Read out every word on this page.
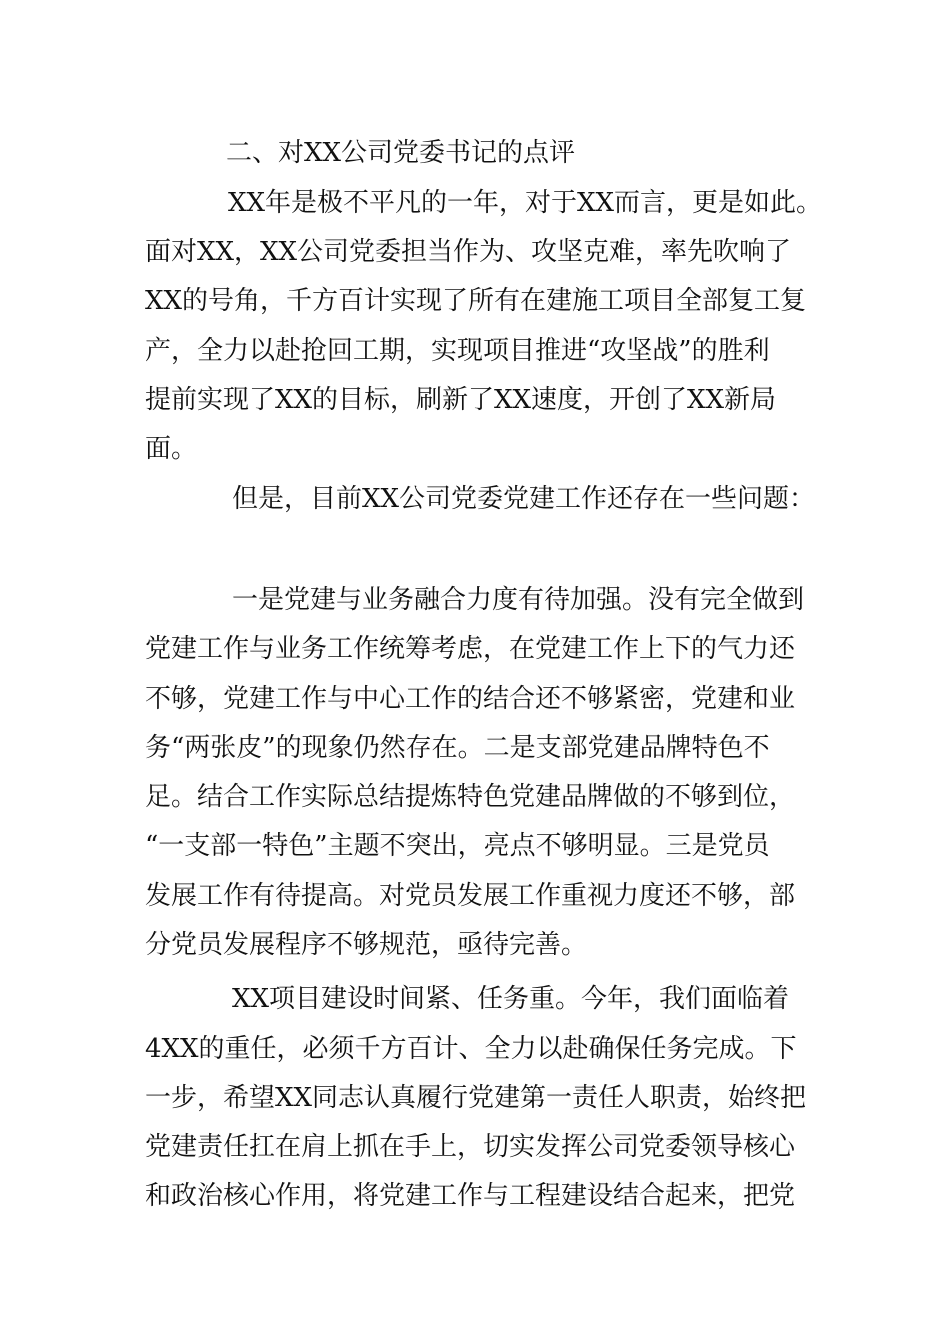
二、对XX公司党委书记的点评
XX年是极不平凡的一年，对于XX而言，更是如此。
面对XX，XX公司党委担当作为、攻坚克难，率先吹响了
XX的号角，千方百计实现了所有在建施工项目全部复工复
产，全力以赴抢回工期，实现项目推进“攻坚战”的胜利
提前实现了XX的目标，刷新了XX速度，开创了XX新局
面。
但是，目前XX公司党委党建工作还存在一些问题：
一是党建与业务融合力度有待加强。没有完全做到
党建工作与业务工作统筹考虑，在党建工作上下的气力还
不够，党建工作与中心工作的结合还不够紧密，党建和业
务“两张皮”的现象仍然存在。二是支部党建品牌特色不
足。结合工作实际总结提炼特色党建品牌做的不够到位，
“一支部一特色”主题不突出，亮点不够明显。三是党员
发展工作有待提高。对党员发展工作重视力度还不够，部
分党员发展程序不够规范，亟待完善。
XX项目建设时间紧、任务重。今年，我们面临着
4XX的重任，必须千方百计、全力以赴确保任务完成。下
一步，希望XX同志认真履行党建第一责任人职责，始终把
党建责任扛在肩上抓在手上，切实发挥公司党委领导核心
和政治核心作用，将党建工作与工程建设结合起来，把党
